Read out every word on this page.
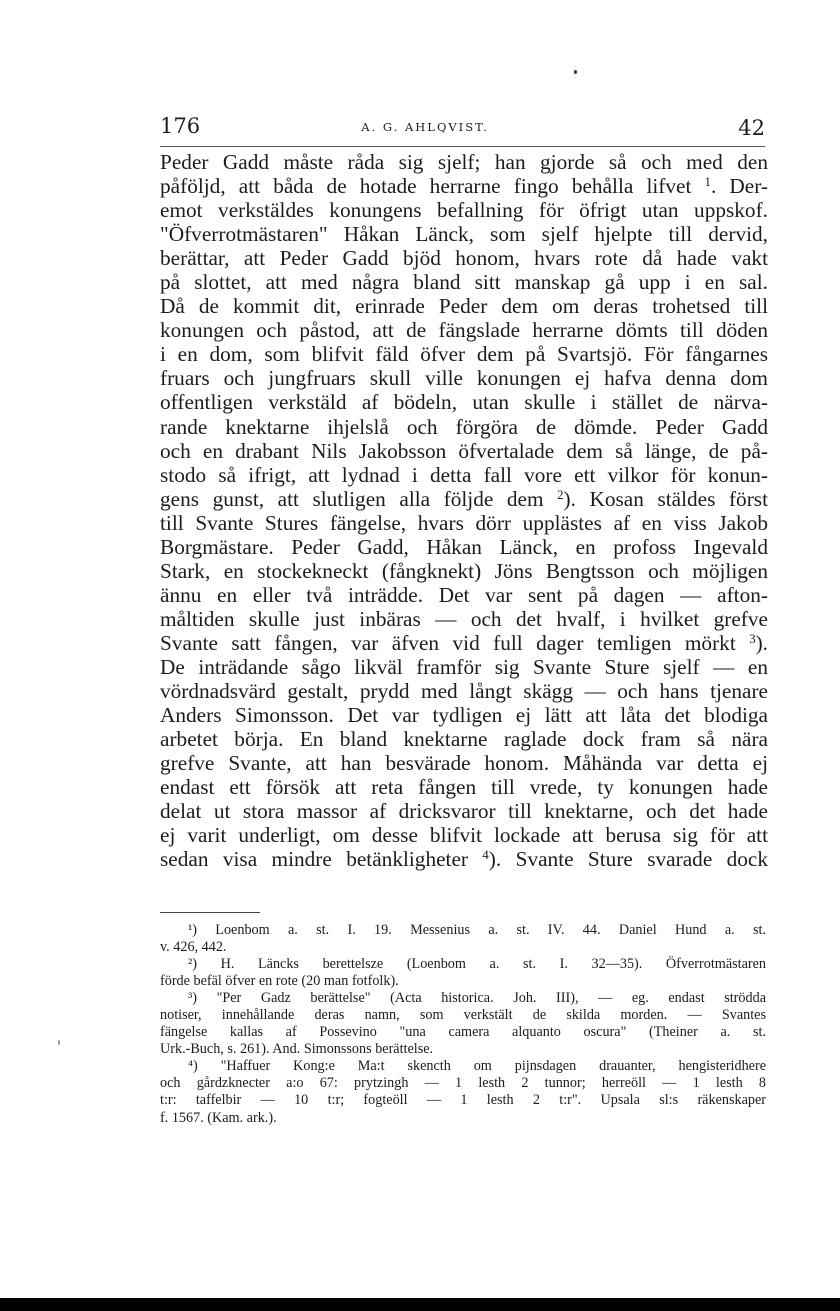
176	A. G. AHLQVIST.	42
Peder Gadd måste råda sig sjelf; han gjorde så och med den
påföljd, att båda de hotade herrarne fingo behålla lifvet $^1$. Der-
emot verkstäldes konungens befallning för öfrigt utan uppskof.
"Öfverrotmästaren" Håkan Länck, som sjelf hjelpte till dervid,
berättar, att Peder Gadd bjöd honom, hvars rote då hade vakt
på slottet, att med några bland sitt manskap gå upp i en sal.
Då de kommit dit, erinrade Peder dem om deras trohetsed till
konungen och påstod, att de fängslade herrarne dömts till döden
i en dom, som blifvit fäld öfver dem på Svartsjö. För fångarnes
fruars och jungfruars skull ville konungen ej hafva denna dom
offentligen verkstäld af bödeln, utan skulle i stället de närva-
rande knektarne ihjelslå och förgöra de dömde. Peder Gadd
och en drabant Nils Jakobsson öfvertalade dem så länge, de på-
stodo så ifrigt, att lydnad i detta fall vore ett vilkor för konun-
gens gunst, att slutligen alla följde dem $^2$). Kosan stäldes först
till Svante Stures fängelse, hvars dörr upplästes af en viss Jakob
Borgmästare. Peder Gadd, Håkan Länck, en profoss Ingevald
Stark, en stockekneckt (fångknekt) Jöns Bengtsson och möjligen
ännu en eller två inträdde. Det var sent på dagen — afton-
måltiden skulle just inbäras — och det hvalf, i hvilket grefve
Svante satt fången, var äfven vid full dager temligen mörkt $^3$).
De inträdande sågo likväl framför sig Svante Sture sjelf — en
vördnadsvärd gestalt, prydd med långt skägg — och hans tjenare
Anders Simonsson. Det var tydligen ej lätt att låta det blodiga
arbetet börja. En bland knektarne raglade dock fram så nära
grefve Svante, att han besvärade honom. Måhända var detta ej
endast ett försök att reta fången till vrede, ty konungen hade
delat ut stora massor af dricksvaror till knektarne, och det hade
ej varit underligt, om desse blifvit lockade att berusa sig för att
sedan visa mindre betänkligheter $^4$). Svante Sture svarade dock
¹) Loenbom a. st. I. 19. Messenius a. st. IV. 44. Daniel Hund a. st.
v. 426, 442.
²) H. Läncks berettelsze (Loenbom a. st. I. 32—35). Öfverrotmästaren
förde befäl öfver en rote (20 man fotfolk).
³) "Per Gadz berättelse" (Acta historica. Joh. III), — eg. endast strödda
notiser, innehållande deras namn, som verkstält de skilda morden. — Svantes
fängelse kallas af Possevino "una camera alquanto oscura" (Theiner a. st.
Urk.-Buch, s. 261). And. Simonssons berättelse.
⁴) "Haffuer Kong:e Ma:t skencth om pijnsdagen drauanter, hengisteridhere
och gårdzknecter a:o 67: prytzingh — 1 lesth 2 tunnor; herreöll — 1 lesth 8
t:r: taffelbir — 10 t:r; fogteöll — 1 lesth 2 t:r". Upsala sl:s räkenskaper
f. 1567. (Kam. ark.).
